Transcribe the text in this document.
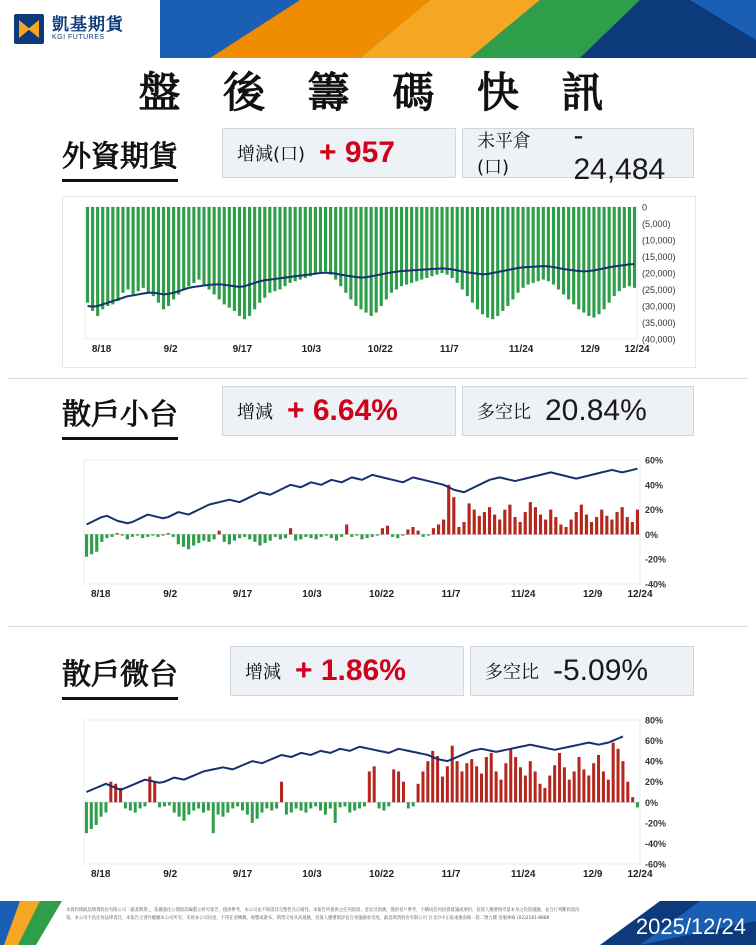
凱基期貨
KGI FUTURES
盤 後 籌 碼 快 訊
外資期貨	增減(口) + 957	未平倉(口)
- 24,484
0
(5,000)
(10,000)
(15,000)
(20,000)
(25,000)
(30,000)
(35,000)
(40,000)
8/18	9/2	9/17	10/3	10/22	11/7	11/24	12/9 12/24
散戶小台	增減 + 6.64%	多空比 20.84%
60%
40%
20%
0%
-20%
-40%
8/18	9/2	9/17	10/3	10/22	11/7	11/24	12/9	12/24
散戶微台	增減 + 1.86%	多空比 -5.09%
80%
60%
40%
20%
0%
-20%
-40%
-60%
8/18	9/2	9/17	10/3	10/22	11/7	11/24	12/9	12/24
本資料係凱基期貨股份有限公司「凱基期貨」，依據過往公開資訊編製之研究報告，僅供參考，本公司並不保證其完整性及正確性。本報告所提供之任何資訊、意見及預測，僅供客戶參考，不構成任何投資建議或要約。投資人應審慎考量本身之投資風險，並自行判斷投資決策，本公司不負任何法律責任。本報告之著作權屬本公司所有，未經本公司同意，不得任意轉載、複製或散布。期貨交易具高風險，投資人應審慎評估自身風險承受度。凱基期貨股份有限公司 台北市中正區重慶南路一段二號九樓 客服專線 (02)2181-8888	2025/12/24
